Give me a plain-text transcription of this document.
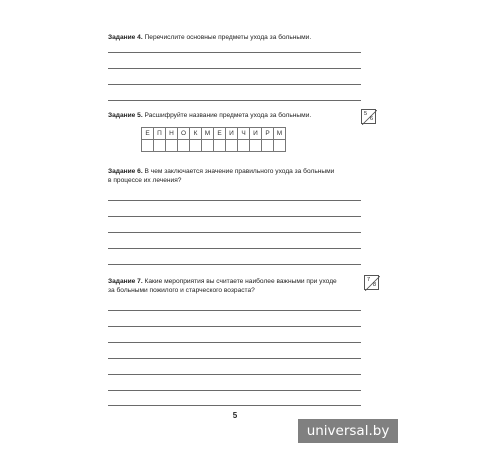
Задание 4. Перечислите основные предметы ухода за больными.
Задание 5. Расшифруйте название предмета ухода за больными.	5
6
Е	П	Н	О	К	М	Е	И	Ч	И	Р	М
Задание 6. В чем заключается значение правильного ухода за больными
в процессе их лечения?
Задание 7. Какие мероприятия вы считаете наиболее важными при уходе
за больными пожилого и старческого возраста?
7
8
5
universal.by
